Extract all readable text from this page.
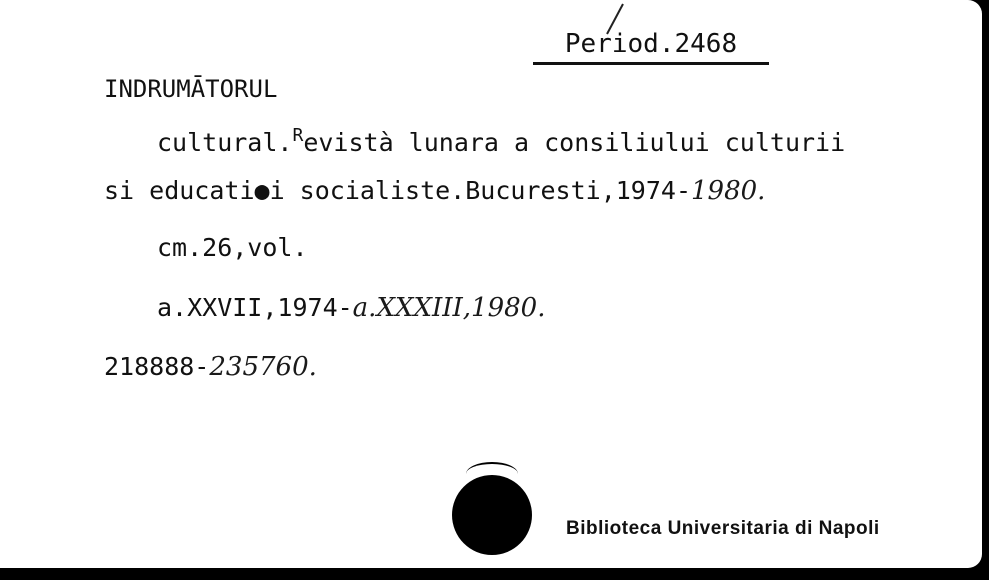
Period.2468
INDRUMĀTORUL
cultural.$^R$evistà lunara a consiliului culturii
si educati●i socialiste.Bucuresti,1974-1980.
cm.26,vol.
a.XXVII,1974-a.XXXIII,1980.
218888-235760.
Biblioteca Universitaria di Napoli
